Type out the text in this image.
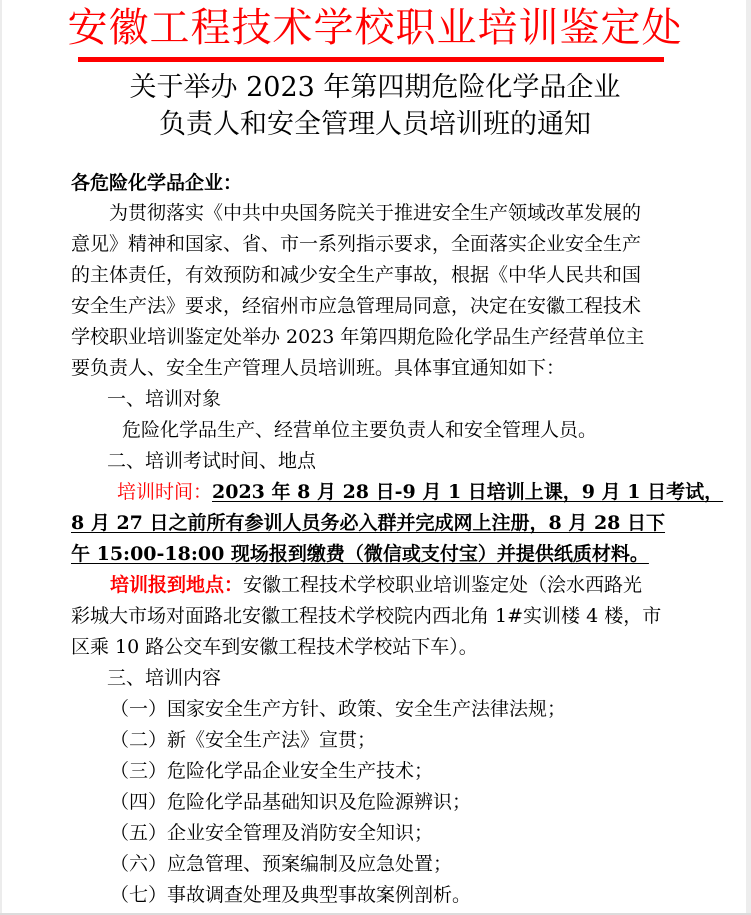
安徽工程技术学校职业培训鉴定处
关于举办 2023 年第四期危险化学品企业
负责人和安全管理人员培训班的通知
各危险化学品企业：
为贯彻落实《中共中央国务院关于推进安全生产领域改革发展的
意见》精神和国家、省、市一系列指示要求，全面落实企业安全生产
的主体责任，有效预防和减少安全生产事故，根据《中华人民共和国
安全生产法》要求，经宿州市应急管理局同意，决定在安徽工程技术
学校职业培训鉴定处举办 2023 年第四期危险化学品生产经营单位主
要负责人、安全生产管理人员培训班。具体事宜通知如下：
一、培训对象
危险化学品生产、经营单位主要负责人和安全管理人员。
二、培训考试时间、地点
培训时间：2023 年 8 月 28 日-9 月 1 日培训上课，9 月 1 日考试，
8 月 27 日之前所有参训人员务必入群并完成网上注册，8 月 28 日下
午 15:00-18:00 现场报到缴费（微信或支付宝）并提供纸质材料。
培训报到地点：安徽工程技术学校职业培训鉴定处（浍水西路光
彩城大市场对面路北安徽工程技术学校院内西北角 1#实训楼 4 楼，市
区乘 10 路公交车到安徽工程技术学校站下车）。
三、培训内容
（一）国家安全生产方针、政策、安全生产法律法规；
（二）新《安全生产法》宣贯；
（三）危险化学品企业安全生产技术；
（四）危险化学品基础知识及危险源辨识；
（五）企业安全管理及消防安全知识；
（六）应急管理、预案编制及应急处置；
（七）事故调查处理及典型事故案例剖析。
